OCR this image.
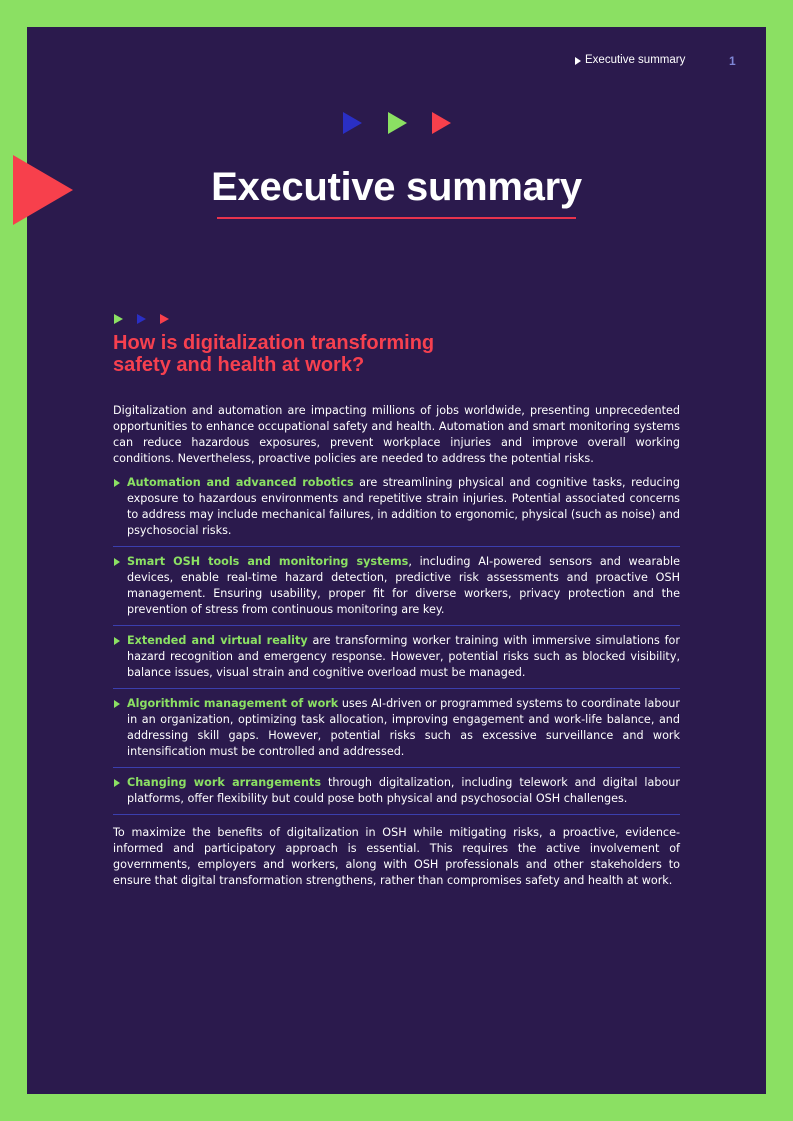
Executive summary	1
How is digitalization transforming
safety and health at work?

Digitalization and automation are impacting millions of jobs worldwide, presenting unprecedented opportunities to enhance occupational safety and health. Automation and smart monitoring systems can reduce hazardous exposures, prevent workplace injuries and improve overall working conditions. Nevertheless, proactive policies are needed to address the potential risks.

Automation and advanced robotics are streamlining physical and cognitive tasks, reducing exposure to hazardous environments and repetitive strain injuries. Potential associated concerns to address may include mechanical failures, in addition to ergonomic, physical (such as noise) and psychosocial risks.
Smart OSH tools and monitoring systems, including AI-powered sensors and wearable devices, enable real-time hazard detection, predictive risk assessments and proactive OSH management. Ensuring usability, proper fit for diverse workers, privacy protection and the prevention of stress from continuous monitoring are key.
Extended and virtual reality are transforming worker training with immersive simulations for hazard recognition and emergency response. However, potential risks such as blocked visibility, balance issues, visual strain and cognitive overload must be managed.
Algorithmic management of work uses AI-driven or programmed systems to coordinate labour in an organization, optimizing task allocation, improving engagement and work-life balance, and addressing skill gaps. However, potential risks such as excessive surveillance and work intensification must be controlled and addressed.
Changing work arrangements through digitalization, including telework and digital labour platforms, offer flexibility but could pose both physical and psychosocial OSH challenges.

To maximize the benefits of digitalization in OSH while mitigating risks, a proactive, evidence-informed and participatory approach is essential. This requires the active involvement of governments, employers and workers, along with OSH professionals and other stakeholders to ensure that digital transformation strengthens, rather than compromises safety and health at work.

Executive summary
